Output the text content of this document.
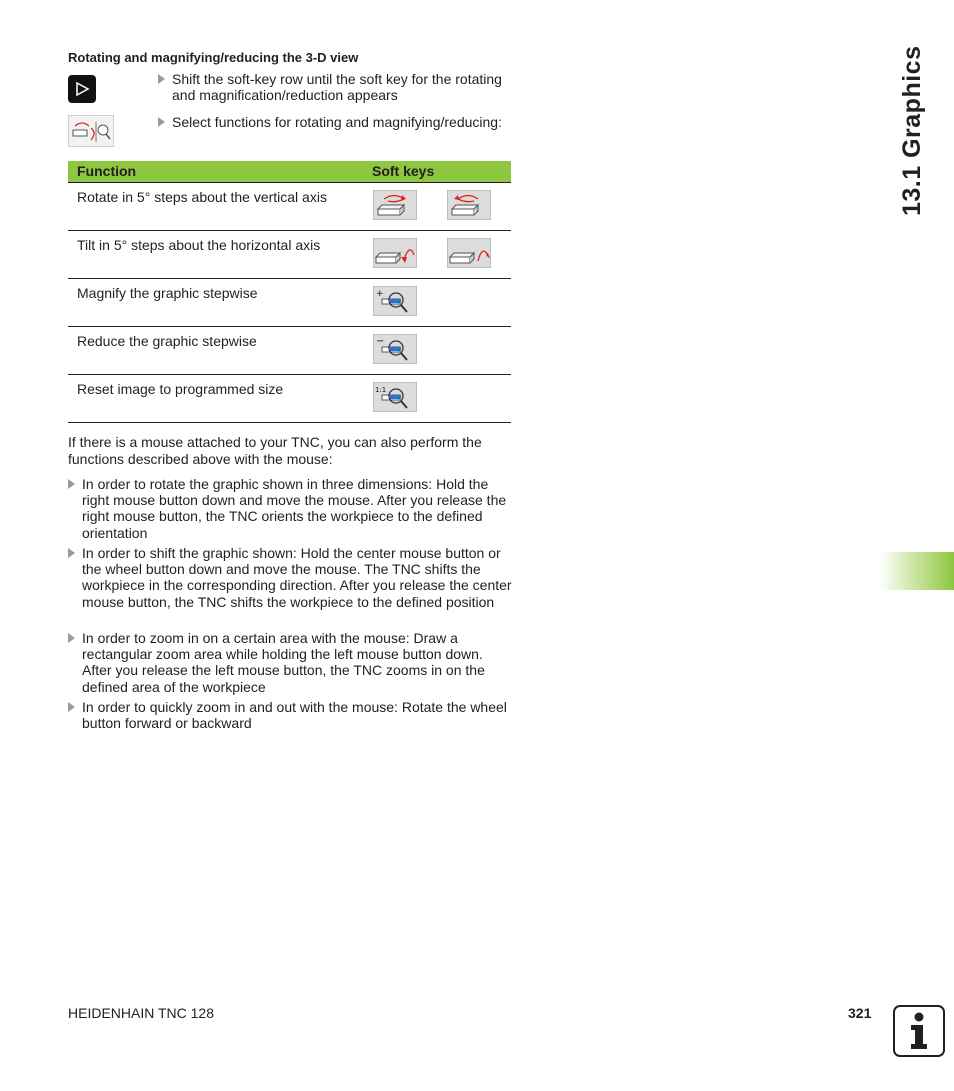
Rotating and magnifying/reducing the 3-D view
Shift the soft-key row until the soft key for the rotating and magnification/reduction appears
Select functions for rotating and magnifying/reducing:
Function	Soft keys
Rotate in 5° steps about the vertical axis
Tilt in 5° steps about the horizontal axis
Magnify the graphic stepwise	+
Reduce the graphic stepwise	−
Reset image to programmed size	1:1
If there is a mouse attached to your TNC, you can also perform the functions described above with the mouse:
In order to rotate the graphic shown in three dimensions: Hold the right mouse button down and move the mouse. After you release the right mouse button, the TNC orients the workpiece to the defined orientation
In order to shift the graphic shown: Hold the center mouse button or the wheel button down and move the mouse. The TNC shifts the workpiece in the corresponding direction. After you release the center mouse button, the TNC shifts the workpiece to the defined position
In order to zoom in on a certain area with the mouse: Draw a rectangular zoom area while holding the left mouse button down. After you release the left mouse button, the TNC zooms in on the defined area of the workpiece
In order to quickly zoom in and out with the mouse: Rotate the wheel button forward or backward
13.1 Graphics
HEIDENHAIN TNC 128	321
